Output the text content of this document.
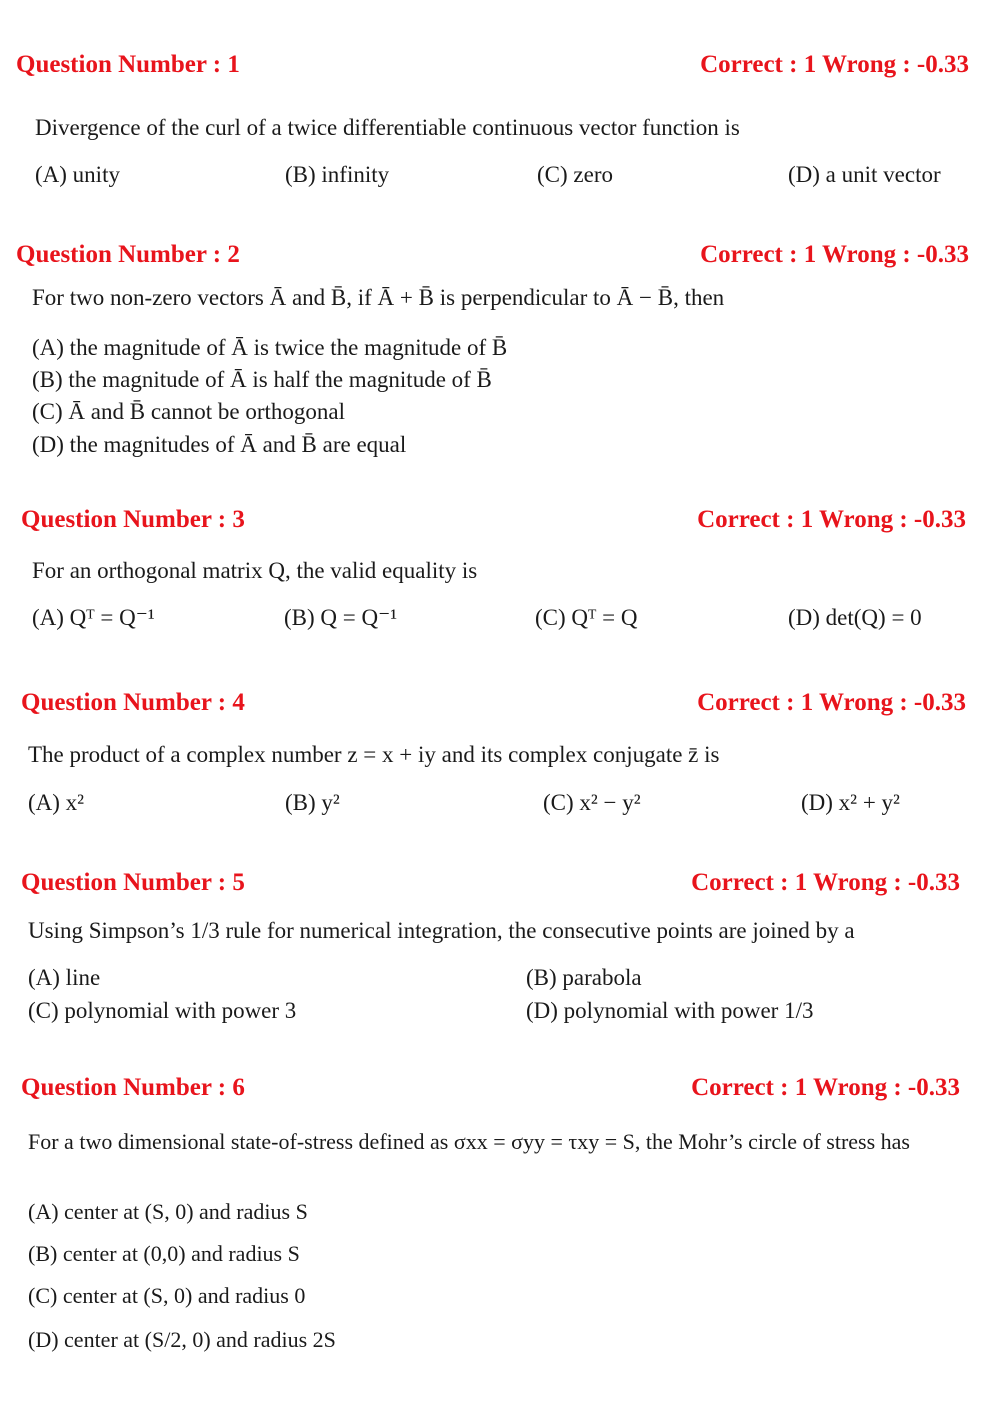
Question Number : 1	Correct : 1 Wrong : -0.33
Divergence of the curl of a twice differentiable continuous vector function is
(A) unity	(B) infinity	(C) zero	(D) a unit vector
Question Number : 2	Correct : 1 Wrong : -0.33
For two non-zero vectors Ā and B̄, if Ā + B̄ is perpendicular to Ā − B̄, then
(A) the magnitude of Ā is twice the magnitude of B̄
(B) the magnitude of Ā is half the magnitude of B̄
(C) Ā and B̄ cannot be orthogonal
(D) the magnitudes of Ā and B̄ are equal
Question Number : 3	Correct : 1 Wrong : -0.33
For an orthogonal matrix Q, the valid equality is
(A) Qᵀ = Q⁻¹	(B) Q = Q⁻¹	(C) Qᵀ = Q	(D) det(Q) = 0
Question Number : 4	Correct : 1 Wrong : -0.33
The product of a complex number z = x + iy and its complex conjugate z̄ is
(A) x²	(B) y²	(C) x² − y²	(D) x² + y²
Question Number : 5	Correct : 1 Wrong : -0.33
Using Simpson’s 1/3 rule for numerical integration, the consecutive points are joined by a
(A) line	(B) parabola
(C) polynomial with power 3	(D) polynomial with power 1/3
Question Number : 6	Correct : 1 Wrong : -0.33
For a two dimensional state-of-stress defined as σxx = σyy = τxy = S, the Mohr’s circle of stress has
(A) center at (S, 0) and radius S
(B) center at (0,0) and radius S
(C) center at (S, 0) and radius 0
(D) center at (S/2, 0) and radius 2S
